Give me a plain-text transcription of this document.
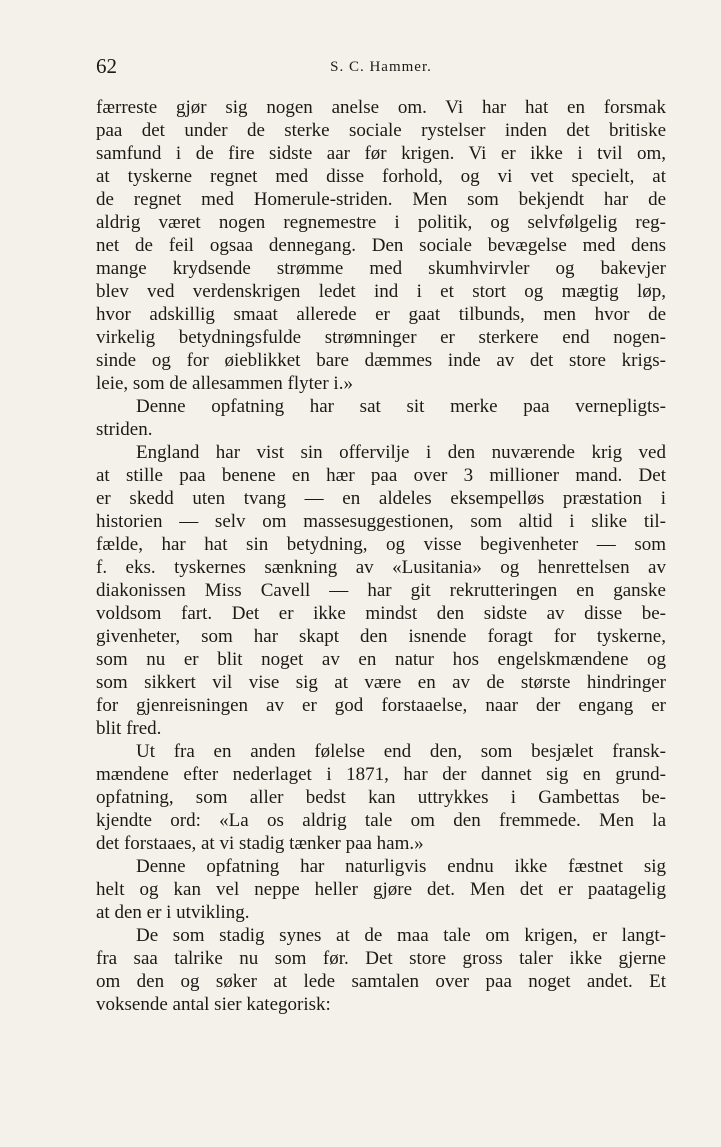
62	S. C. Hammer.
færreste gjør sig nogen anelse om. Vi har hat en forsmak
paa det under de sterke sociale rystelser inden det britiske
samfund i de fire sidste aar før krigen. Vi er ikke i tvil om,
at tyskerne regnet med disse forhold, og vi vet specielt, at
de regnet med Homerule-striden. Men som bekjendt har de
aldrig været nogen regnemestre i politik, og selvfølgelig reg-
net de feil ogsaa dennegang. Den sociale bevægelse med dens
mange krydsende strømme med skumhvirvler og bakevjer
blev ved verdenskrigen ledet ind i et stort og mægtig løp,
hvor adskillig smaat allerede er gaat tilbunds, men hvor de
virkelig betydningsfulde strømninger er sterkere end nogen-
sinde og for øieblikket bare dæmmes inde av det store krigs-
leie, som de allesammen flyter i.»
Denne opfatning har sat sit merke paa vernepligts-
striden.
England har vist sin offervilje i den nuværende krig ved
at stille paa benene en hær paa over 3 millioner mand. Det
er skedd uten tvang — en aldeles eksempelløs præstation i
historien — selv om massesuggestionen, som altid i slike til-
fælde, har hat sin betydning, og visse begivenheter — som
f. eks. tyskernes sænkning av «Lusitania» og henrettelsen av
diakonissen Miss Cavell — har git rekrutteringen en ganske
voldsom fart. Det er ikke mindst den sidste av disse be-
givenheter, som har skapt den isnende foragt for tyskerne,
som nu er blit noget av en natur hos engelskmændene og
som sikkert vil vise sig at være en av de største hindringer
for gjenreisningen av er god forstaaelse, naar der engang er
blit fred.
Ut fra en anden følelse end den, som besjælet fransk-
mændene efter nederlaget i 1871, har der dannet sig en grund-
opfatning, som aller bedst kan uttrykkes i Gambettas be-
kjendte ord: «La os aldrig tale om den fremmede. Men la
det forstaaes, at vi stadig tænker paa ham.»
Denne opfatning har naturligvis endnu ikke fæstnet sig
helt og kan vel neppe heller gjøre det. Men det er paatagelig
at den er i utvikling.
De som stadig synes at de maa tale om krigen, er langt-
fra saa talrike nu som før. Det store gross taler ikke gjerne
om den og søker at lede samtalen over paa noget andet. Et
voksende antal sier kategorisk:
